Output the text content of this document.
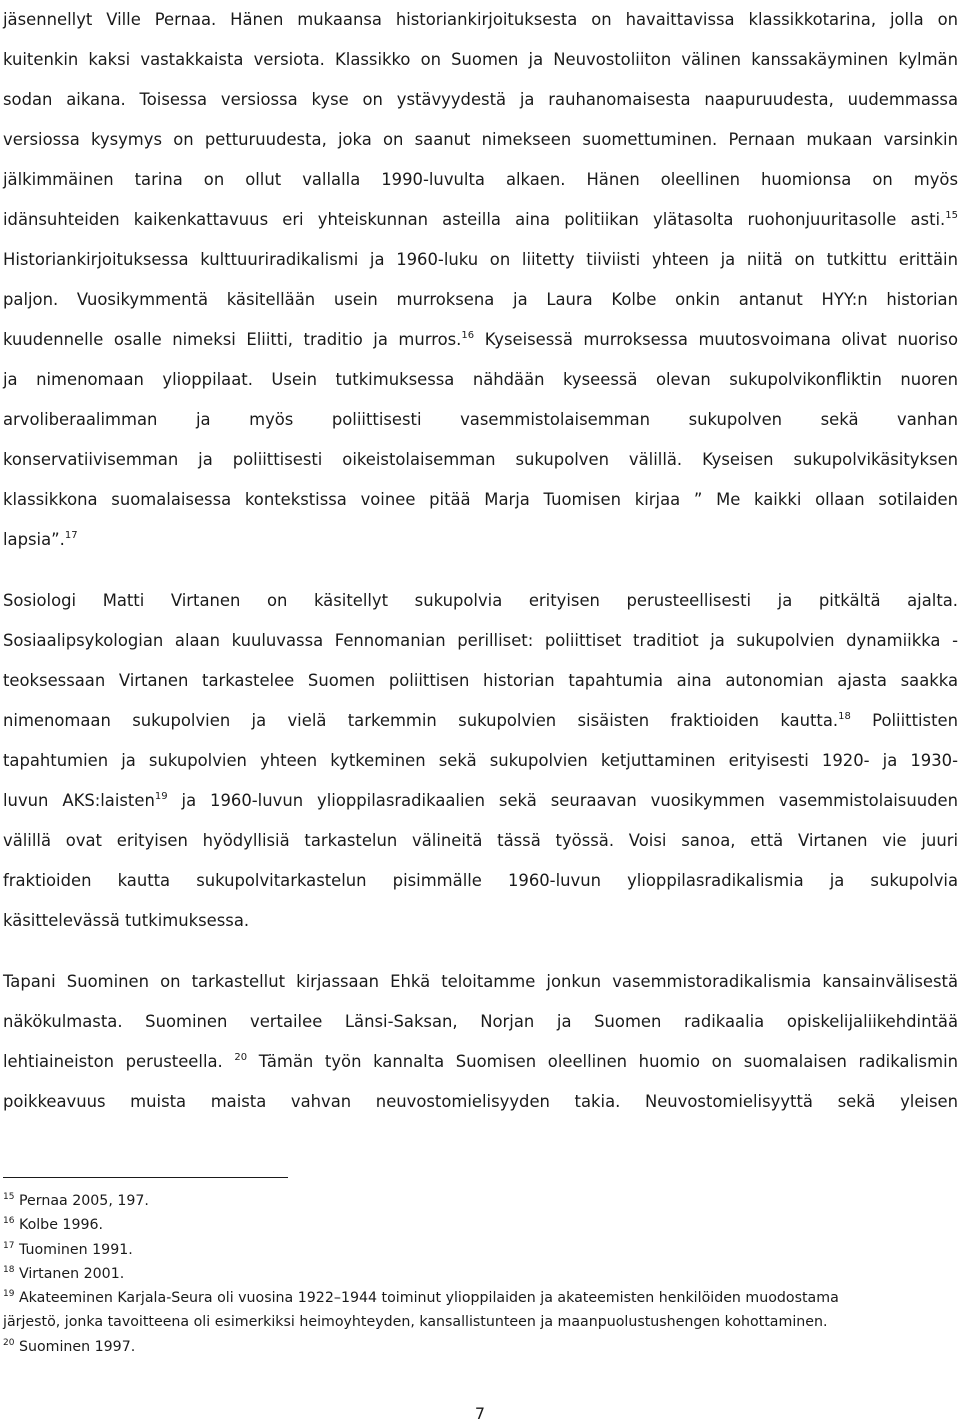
jäsennellyt Ville Pernaa. Hänen mukaansa historiankirjoituksesta on havaittavissa klassikkotarina, jolla on
kuitenkin kaksi vastakkaista versiota. Klassikko on Suomen ja Neuvostoliiton välinen kanssakäyminen kylmän
sodan aikana. Toisessa versiossa kyse on ystävyydestä ja rauhanomaisesta naapuruudesta, uudemmassa
versiossa kysymys on petturuudesta, joka on saanut nimekseen suomettuminen. Pernaan mukaan varsinkin
jälkimmäinen tarina on ollut vallalla 1990-luvulta alkaen. Hänen oleellinen huomionsa on myös
idänsuhteiden kaikenkattavuus eri yhteiskunnan asteilla aina politiikan ylätasolta ruohonjuuritasolle asti.$^{15}$
Historiankirjoituksessa kulttuuriradikalismi ja 1960-luku on liitetty tiiviisti yhteen ja niitä on tutkittu erittäin
paljon. Vuosikymmentä käsitellään usein murroksena ja Laura Kolbe onkin antanut HYY:n historian
kuudennelle osalle nimeksi Eliitti, traditio ja murros.$^{16}$ Kyseisessä murroksessa muutosvoimana olivat nuoriso
ja nimenomaan ylioppilaat. Usein tutkimuksessa nähdään kyseessä olevan sukupolvikonfliktin nuoren
arvoliberaalimman ja myös poliittisesti vasemmistolaisemman sukupolven sekä vanhan
konservatiivisemman ja poliittisesti oikeistolaisemman sukupolven välillä. Kyseisen sukupolvikäsityksen
klassikkona suomalaisessa kontekstissa voinee pitää Marja Tuomisen kirjaa ” Me kaikki ollaan sotilaiden
lapsia”.$^{17}$
Sosiologi Matti Virtanen on käsitellyt sukupolvia erityisen perusteellisesti ja pitkältä ajalta.
Sosiaalipsykologian alaan kuuluvassa Fennomanian perilliset: poliittiset traditiot ja sukupolvien dynamiikka -
teoksessaan Virtanen tarkastelee Suomen poliittisen historian tapahtumia aina autonomian ajasta saakka
nimenomaan sukupolvien ja vielä tarkemmin sukupolvien sisäisten fraktioiden kautta.$^{18}$ Poliittisten
tapahtumien ja sukupolvien yhteen kytkeminen sekä sukupolvien ketjuttaminen erityisesti 1920- ja 1930-
luvun AKS:laisten$^{19}$ ja 1960-luvun ylioppilasradikaalien sekä seuraavan vuosikymmen vasemmistolaisuuden
välillä ovat erityisen hyödyllisiä tarkastelun välineitä tässä työssä. Voisi sanoa, että Virtanen vie juuri
fraktioiden kautta sukupolvitarkastelun pisimmälle 1960-luvun ylioppilasradikalismia ja sukupolvia
käsittelevässä tutkimuksessa.
Tapani Suominen on tarkastellut kirjassaan Ehkä teloitamme jonkun vasemmistoradikalismia kansainvälisestä
näkökulmasta. Suominen vertailee Länsi-Saksan, Norjan ja Suomen radikaalia opiskelijaliikehdintää
lehtiaineiston perusteella. $^{20}$ Tämän työn kannalta Suomisen oleellinen huomio on suomalaisen radikalismin
poikkeavuus muista maista vahvan neuvostomielisyyden takia. Neuvostomielisyyttä sekä yleisen
$^{15}$ Pernaa 2005, 197.
$^{16}$ Kolbe 1996.
$^{17}$ Tuominen 1991.
$^{18}$ Virtanen 2001.
$^{19}$ Akateeminen Karjala-Seura oli vuosina 1922–1944 toiminut ylioppilaiden ja akateemisten henkilöiden muodostama
järjestö, jonka tavoitteena oli esimerkiksi heimoyhteyden, kansallistunteen ja maanpuolustushengen kohottaminen.
$^{20}$ Suominen 1997.
7
